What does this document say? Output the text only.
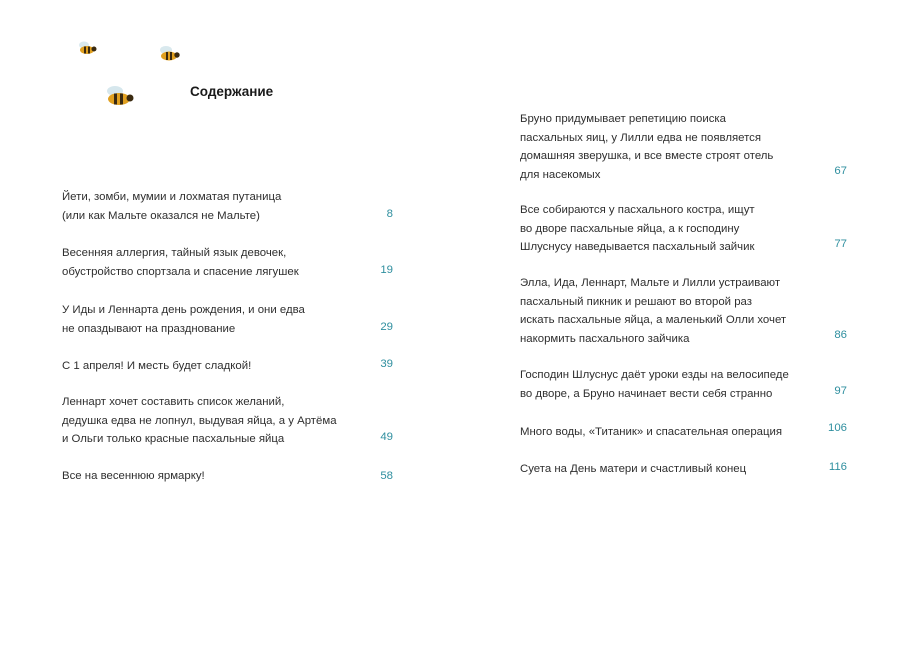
Содержание
Йети, зомби, мумии и лохматая путаница
(или как Мальте оказался не Мальте)	8
Весенняя аллергия, тайный язык девочек,
обустройство спортзала и спасение лягушек	19
У Иды и Леннарта день рождения, и они едва
не опаздывают на празднование	29
С 1 апреля! И месть будет сладкой!	39
Леннарт хочет составить список желаний,
дедушка едва не лопнул, выдувая яйца, а у Артёма
и Ольги только красные пасхальные яйца	49
Все на весеннюю ярмарку!	58
Бруно придумывает репетицию поиска
пасхальных яиц, у Лилли едва не появляется
домашняя зверушка, и все вместе строят отель
для насекомых	67
Все собираются у пасхального костра, ищут
во дворе пасхальные яйца, а к господину
Шлуснусу наведывается пасхальный зайчик	77
Элла, Ида, Леннарт, Мальте и Лилли устраивают
пасхальный пикник и решают во второй раз
искать пасхальные яйца, а маленький Олли хочет
накормить пасхального зайчика	86
Господин Шлуснус даёт уроки езды на велосипеде
во дворе, а Бруно начинает вести себя странно	97
Много воды, «Титаник» и спасательная операция	106
Суета на День матери и счастливый конец	116
